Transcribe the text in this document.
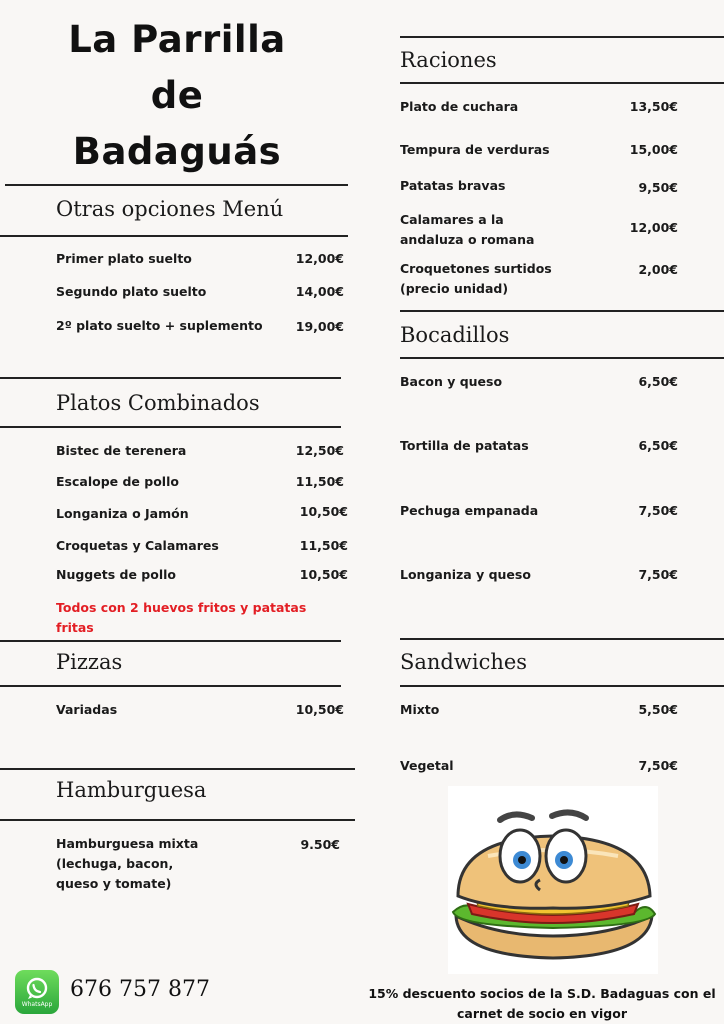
La Parrilla
de
Badaguás
Otras opciones Menú
Primer plato suelto	12,00€
Segundo plato suelto	14,00€
2º plato suelto + suplemento	19,00€
Platos Combinados
Bistec de terenera	12,50€
Escalope de pollo	11,50€
Longaniza o Jamón	10,50€
Croquetas y Calamares	11,50€
Nuggets de pollo	10,50€
Todos con 2 huevos fritos y patatas
fritas
Pizzas
Variadas	10,50€
Hamburguesa
Hamburguesa mixta
(lechuga, bacon,
queso y tomate)
9.50€
Raciones
Plato de cuchara	13,50€
Tempura de verduras	15,00€
Patatas bravas	9,50€
Calamares a la
andaluza o romana
12,00€
Croquetones surtidos
(precio unidad)
2,00€
Bocadillos
Bacon y queso	6,50€
Tortilla de patatas	6,50€
Pechuga empanada	7,50€
Longaniza y queso	7,50€
Sandwiches
Mixto	5,50€
Vegetal	7,50€
WhatsApp
676 757 877	15% descuento socios de la S.D. Badaguas con el
carnet de socio en vigor
